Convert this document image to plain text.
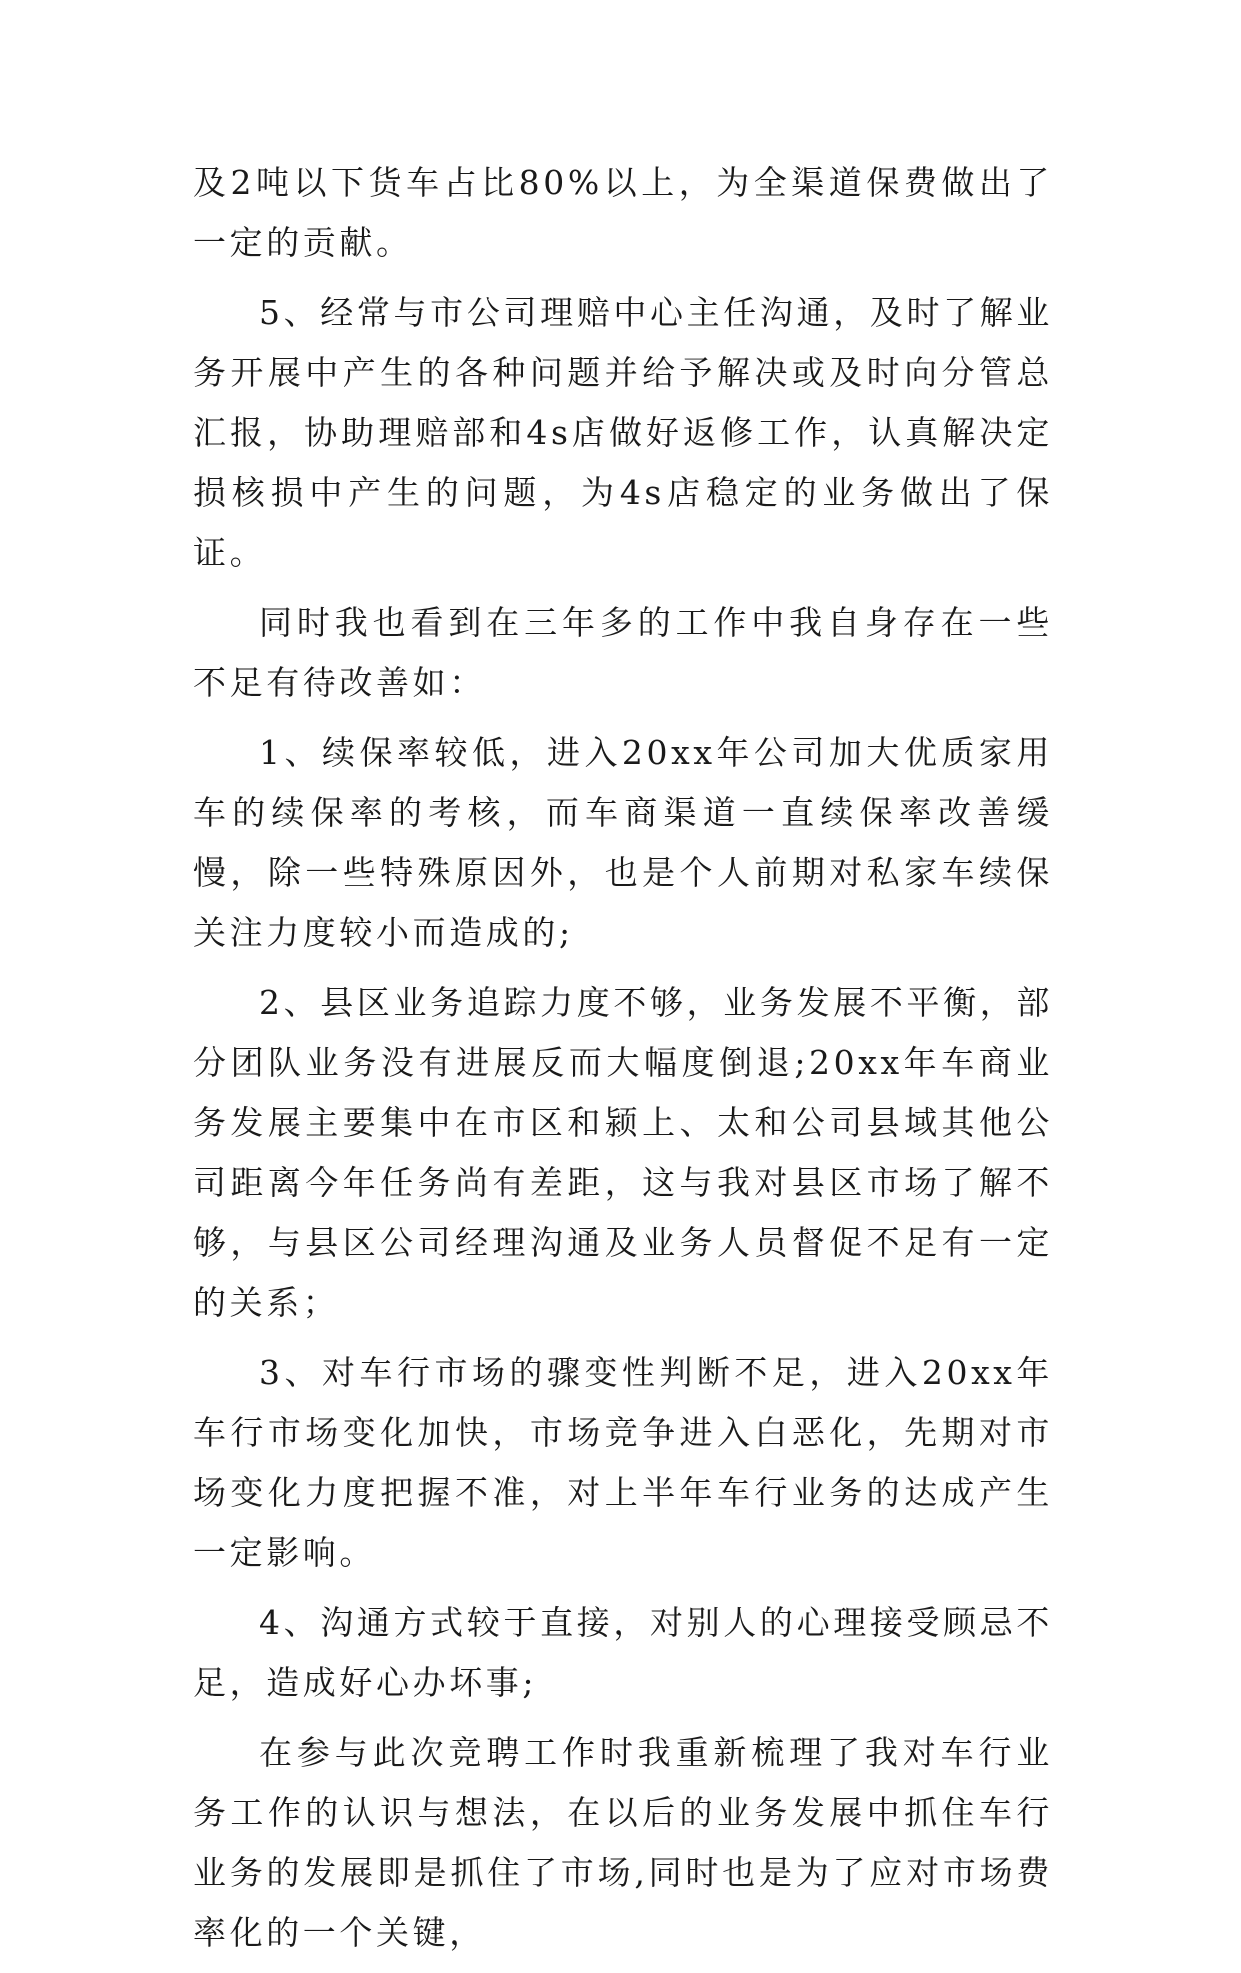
及2吨以下货车占比80%以上，为全渠道保费做出了一定的贡献。

5、经常与市公司理赔中心主任沟通，及时了解业务开展中产生的各种问题并给予解决或及时向分管总汇报，协助理赔部和4s店做好返修工作，认真解决定损核损中产生的问题，为4s店稳定的业务做出了保证。

同时我也看到在三年多的工作中我自身存在一些不足有待改善如：

1、续保率较低，进入20xx年公司加大优质家用车的续保率的考核，而车商渠道一直续保率改善缓慢，除一些特殊原因外，也是个人前期对私家车续保关注力度较小而造成的;

2、县区业务追踪力度不够，业务发展不平衡，部分团队业务没有进展反而大幅度倒退;20xx年车商业务发展主要集中在市区和颍上、太和公司县域其他公司距离今年任务尚有差距，这与我对县区市场了解不够，与县区公司经理沟通及业务人员督促不足有一定的关系；

3、对车行市场的骤变性判断不足，进入20xx年车行市场变化加快，市场竞争进入白恶化，先期对市场变化力度把握不准，对上半年车行业务的达成产生一定影响。

4、沟通方式较于直接，对别人的心理接受顾忌不足，造成好心办坏事;

在参与此次竞聘工作时我重新梳理了我对车行业务工作的认识与想法，在以后的业务发展中抓住车行业务的发展即是抓住了市场,同时也是为了应对市场费率化的一个关键，
